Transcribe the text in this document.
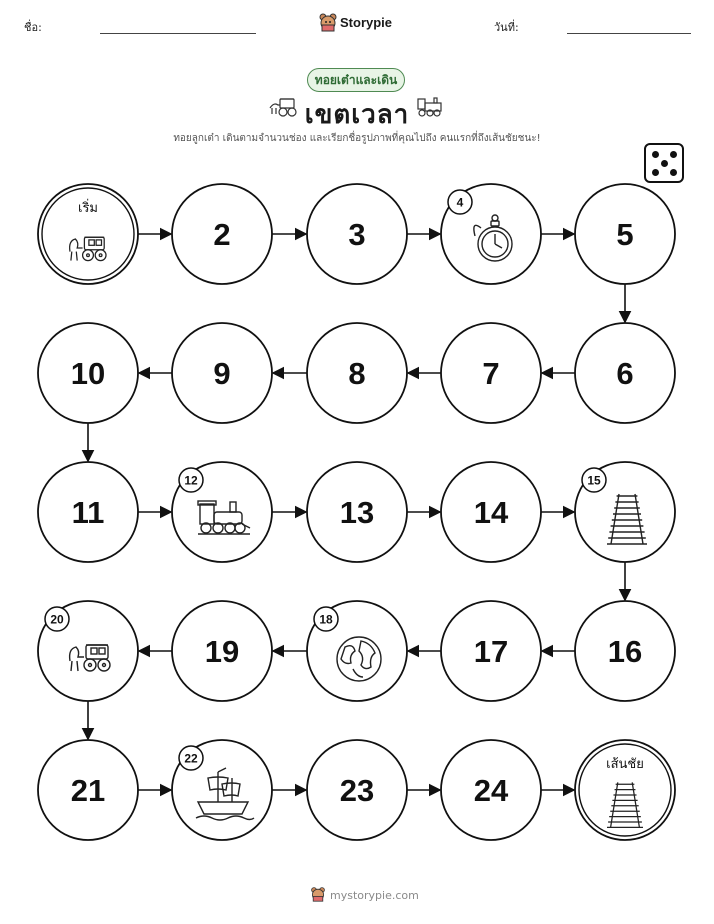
ชื่อ:	Storypie	วันที่:
ทอยเต๋าและเดิน
เขตเวลา
ทอยลูกเต๋า เดินตามจำนวนช่อง และเรียกชื่อรูปภาพที่คุณไปถึง คนแรกที่ถึงเส้นชัยชนะ!
เริ่ม
2	3
4
5
6
7
8
9
10
11
12
13	14
15
16
17
18
19
20
21
22
23	24
เส้นชัย
mystorypie.com
